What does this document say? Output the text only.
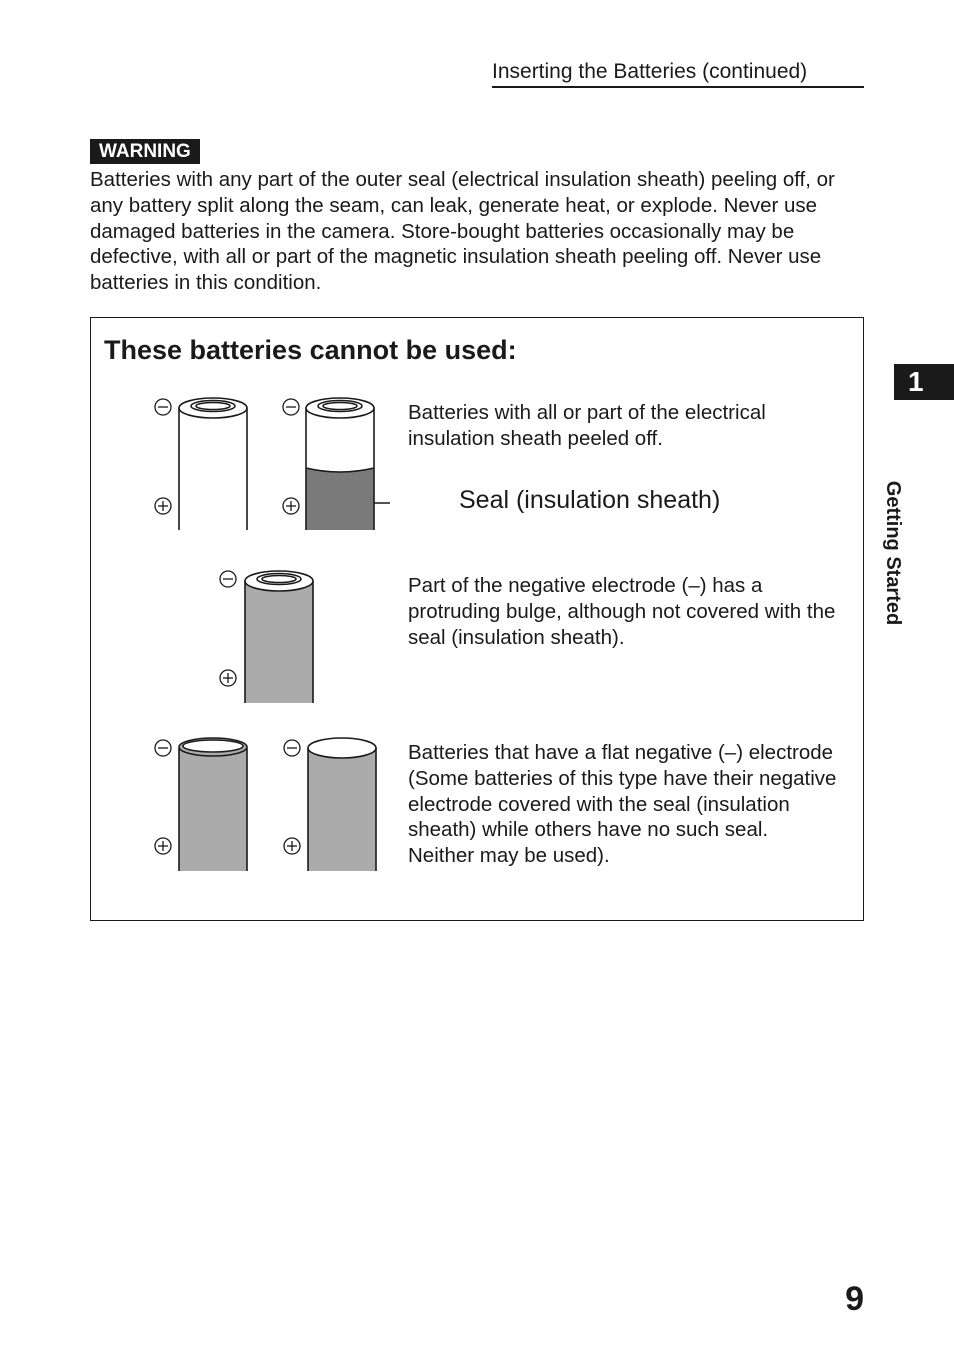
Inserting the Batteries (continued)
WARNING
Batteries with any part of the outer seal (electrical insulation sheath) peeling off, or any battery split along the seam, can leak, generate heat, or explode. Never use damaged batteries in the camera. Store-bought batteries occasionally may be defective, with all or part of the magnetic insulation sheath peeling off. Never use batteries in this condition.
These batteries cannot be used:
Batteries with all or part of the electrical insulation sheath peeled off.
Seal (insulation sheath)
Part of the negative electrode (–) has a protruding bulge, although not covered with the seal (insulation sheath).
Batteries that have a flat negative (–) electrode
(Some batteries of this type have their negative electrode covered with the seal (insulation sheath) while others have no such seal. Neither may be used).
1
Getting Started
9
